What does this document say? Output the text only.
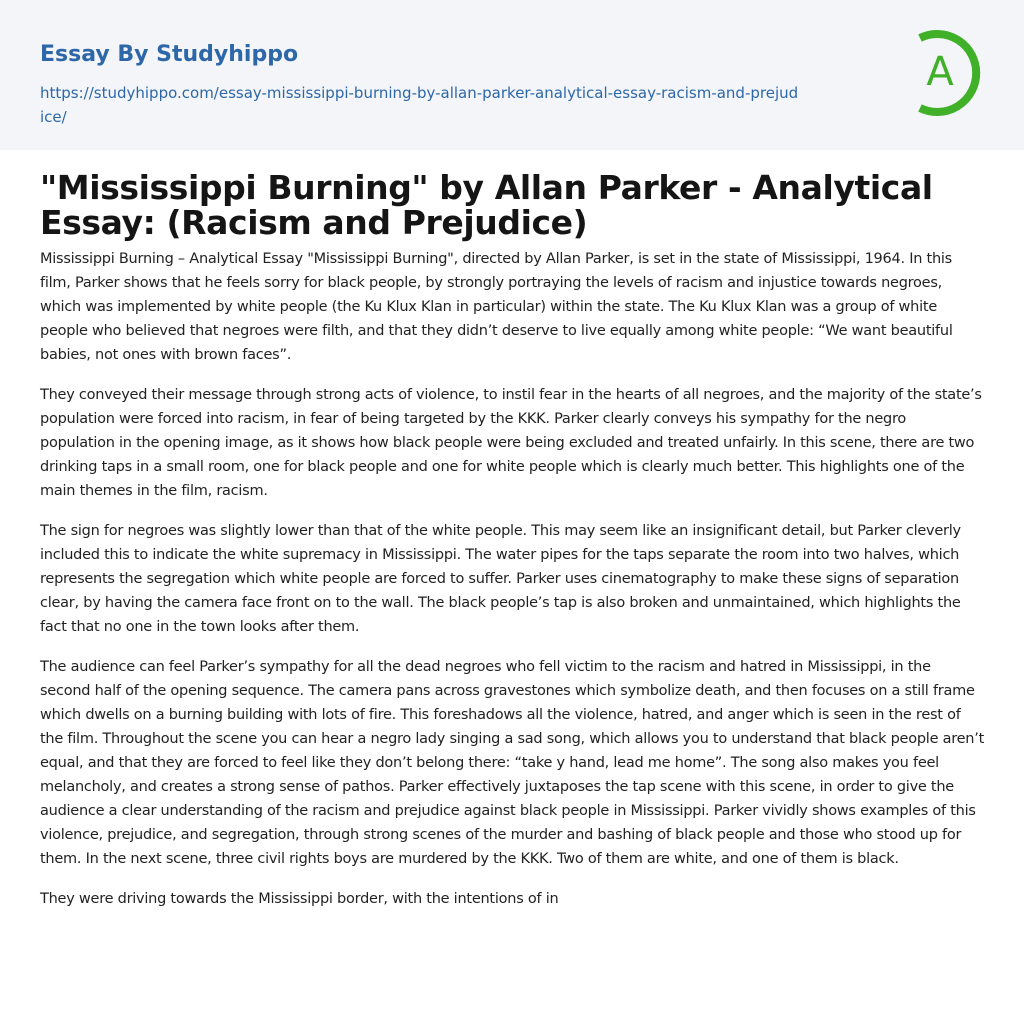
Essay By Studyhippo
https://studyhippo.com/essay-mississippi-burning-by-allan-parker-analytical-essay-racism-and-prejudice/
A
"Mississippi Burning" by Allan Parker - Analytical Essay: (Racism and Prejudice)

Mississippi Burning – Analytical Essay "Mississippi Burning", directed by Allan Parker, is set in the state of Mississippi, 1964. In this film, Parker shows that he feels sorry for black people, by strongly portraying the levels of racism and injustice towards negroes, which was implemented by white people (the Ku Klux Klan in particular) within the state. The Ku Klux Klan was a group of white people who believed that negroes were filth, and that they didn’t deserve to live equally among white people: “We want beautiful babies, not ones with brown faces”.

They conveyed their message through strong acts of violence, to instil fear in the hearts of all negroes, and the majority of the state’s population were forced into racism, in fear of being targeted by the KKK. Parker clearly conveys his sympathy for the negro population in the opening image, as it shows how black people were being excluded and treated unfairly. In this scene, there are two drinking taps in a small room, one for black people and one for white people which is clearly much better. This highlights one of the main themes in the film, racism.

The sign for negroes was slightly lower than that of the white people. This may seem like an insignificant detail, but Parker cleverly included this to indicate the white supremacy in Mississippi. The water pipes for the taps separate the room into two halves, which represents the segregation which white people are forced to suffer. Parker uses cinematography to make these signs of separation clear, by having the camera face front on to the wall. The black people’s tap is also broken and unmaintained, which highlights the fact that no one in the town looks after them.

The audience can feel Parker’s sympathy for all the dead negroes who fell victim to the racism and hatred in Mississippi, in the second half of the opening sequence. The camera pans across gravestones which symbolize death, and then focuses on a still frame which dwells on a burning building with lots of fire. This foreshadows all the violence, hatred, and anger which is seen in the rest of the film. Throughout the scene you can hear a negro lady singing a sad song, which allows you to understand that black people aren’t equal, and that they are forced to feel like they don’t belong there: “take y hand, lead me home”. The song also makes you feel melancholy, and creates a strong sense of pathos. Parker effectively juxtaposes the tap scene with this scene, in order to give the audience a clear understanding of the racism and prejudice against black people in Mississippi. Parker vividly shows examples of this violence, prejudice, and segregation, through strong scenes of the murder and bashing of black people and those who stood up for them. In the next scene, three civil rights boys are murdered by the KKK. Two of them are white, and one of them is black.

They were driving towards the Mississippi border, with the intentions of in
